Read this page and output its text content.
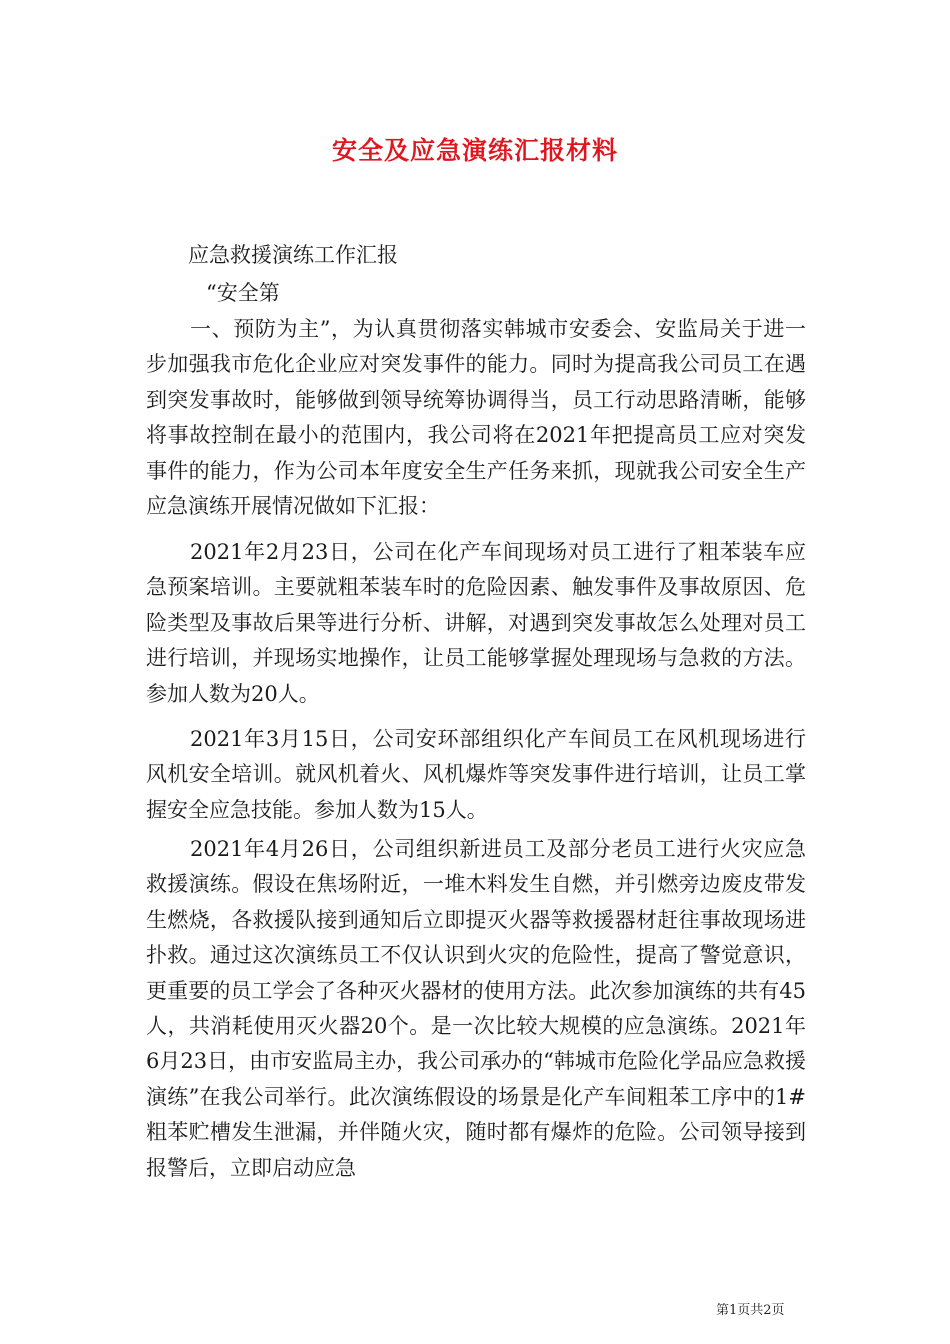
安全及应急演练汇报材料
应急救援演练工作汇报
“安全第

一、预防为主”，为认真贯彻落实韩城市安委会、安监局关于进一步加强我市危化企业应对突发事件的能力。同时为提高我公司员工在遇到突发事故时，能够做到领导统筹协调得当，员工行动思路清晰，能够将事故控制在最小的范围内，我公司将在2021年把提高员工应对突发事件的能力，作为公司本年度安全生产任务来抓，现就我公司安全生产应急演练开展情况做如下汇报：

2021年2月23日，公司在化产车间现场对员工进行了粗苯装车应急预案培训。主要就粗苯装车时的危险因素、触发事件及事故原因、危险类型及事故后果等进行分析、讲解，对遇到突发事故怎么处理对员工进行培训，并现场实地操作，让员工能够掌握处理现场与急救的方法。参加人数为20人。

2021年3月15日，公司安环部组织化产车间员工在风机现场进行风机安全培训。就风机着火、风机爆炸等突发事件进行培训，让员工掌握安全应急技能。参加人数为15人。

2021年4月26日，公司组织新进员工及部分老员工进行火灾应急救援演练。假设在焦场附近，一堆木料发生自燃，并引燃旁边废皮带发生燃烧，各救援队接到通知后立即提灭火器等救援器材赶往事故现场进扑救。通过这次演练员工不仅认识到火灾的危险性，提高了警觉意识，更重要的员工学会了各种灭火器材的使用方法。此次参加演练的共有45人，共消耗使用灭火器20个。是一次比较大规模的应急演练。2021年6月23日，由市安监局主办，我公司承办的“韩城市危险化学品应急救援演练”在我公司举行。此次演练假设的场景是化产车间粗苯工序中的1#粗苯贮槽发生泄漏，并伴随火灾，随时都有爆炸的危险。公司领导接到报警后，立即启动应急

第1页共2页
